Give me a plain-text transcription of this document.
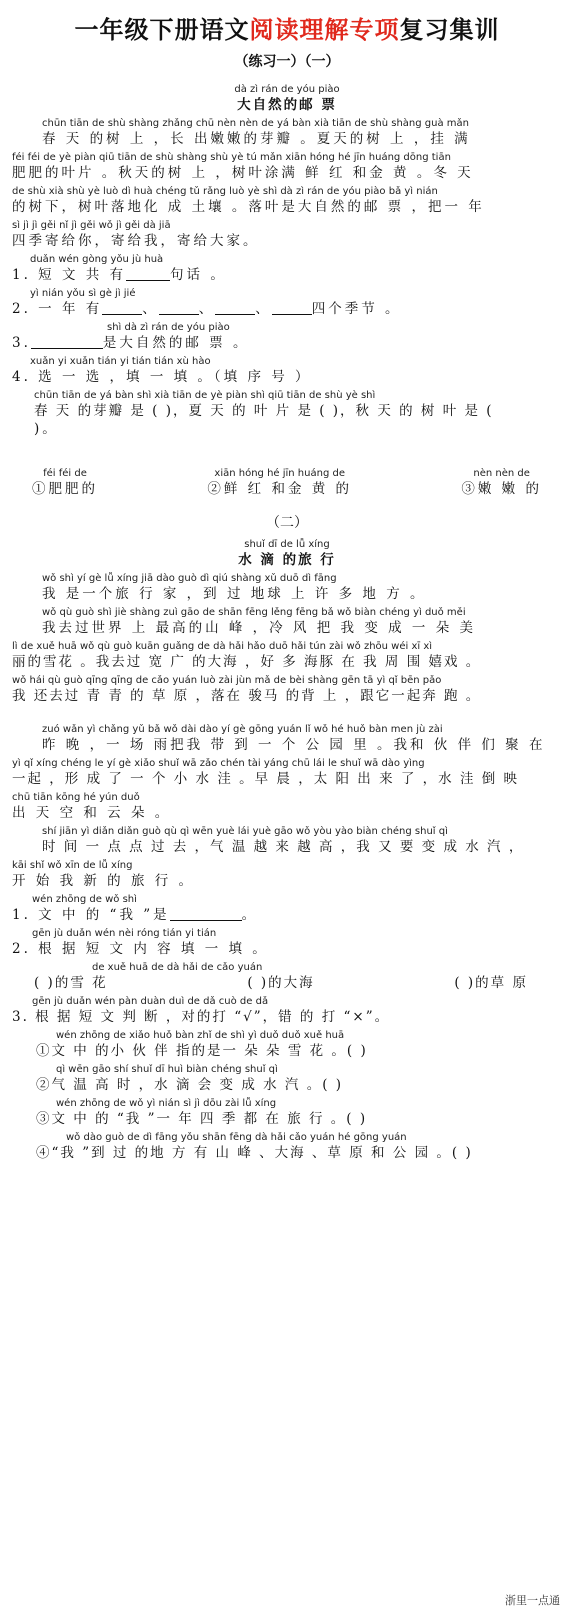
一年级下册语文阅读理解专项复习集训
（练习一）（一）
dà zì rán de yóu piào
大自然的邮 票
chūn tiān de shù shàng zhǎng chū nèn nèn de yá bàn xià tiān de shù shàng guà mǎn
春 天 的树 上 ，长 出嫩嫩的芽瓣 。夏天的树 上 ，挂 满
féi féi de yè piàn qiū tiān de shù shàng shù yè tú mǎn xiān hóng hé jīn huáng dōng tiān
肥肥的叶片 。秋天的树 上 ，树叶涂满 鲜 红 和金 黄 。冬 天
de shù xià shù yè luò dì huà chéng tǔ rǎng luò yè shì dà zì rán de yóu piào bǎ yì nián
的树下，树叶落地化 成 土壤 。落叶是大自然的邮 票 ，把一 年
sì jì jì gěi nǐ jì gěi wǒ jì gěi dà jiā
四季寄给你，寄给我，寄给大家。
duǎn wén gòng yǒu jù huà
1. 短 文 共 有	句话 。
yì nián yǒu sì gè jì jié
2. 一 年 有	、	、	、	四个季节 。
shì dà zì rán de yóu piào
3.	是大自然的邮 票 。
xuǎn yi xuǎn tián yi tián tián xù hào
4. 选 一 选 ，填 一 填 。（填 序 号 ）
chūn tiān de yá bàn shì xià tiān de yè piàn shì qiū tiān de shù yè shì
春 天 的芽瓣 是 ( )，夏 天 的 叶 片 是 ( )，秋 天 的 树 叶 是 (
)。
féi féi de
①肥肥的
xiān hóng hé jīn huáng de
②鲜 红 和金 黄 的
nèn nèn de
③嫩 嫩 的
（二）
shuǐ dī de lǚ xíng
水 滴 的旅 行
wǒ shì yí gè lǚ xíng jiā dào guò dì qiú shàng xǔ duō dì fāng
我 是一个旅 行 家 ，到 过 地球 上 许 多 地 方 。
wǒ qù guò shì jiè shàng zuì gāo de shān fēng lěng fēng bǎ wǒ biàn chéng yì duǒ měi
我去过世界 上 最高的山 峰 ，冷 风 把 我 变 成 一 朵 美
lì de xuě huā wǒ qù guò kuān guǎng de dà hǎi hǎo duō hǎi tún zài wǒ zhōu wéi xī xì
丽的雪花 。我去过 宽 广 的大海 ，好 多 海豚 在 我 周 围 嬉戏 。
wǒ hái qù guò qīng qīng de cǎo yuán luò zài jùn mǎ de bèi shàng gēn tā yì qǐ bēn pǎo
我 还去过 青 青 的 草 原 ，落在 骏马 的背 上 ，跟它一起奔 跑 。
zuó wǎn yì chǎng yǔ bǎ wǒ dài dào yí gè gōng yuán lǐ wǒ hé huǒ bàn men jù zài
昨 晚 ，一 场 雨把我 带 到 一 个 公 园 里 。我和 伙 伴 们 聚 在
yì qǐ xíng chéng le yí gè xiǎo shuǐ wā zǎo chén tài yáng chū lái le shuǐ wā dào yìng
一起 ，形 成 了 一 个 小 水 洼 。早 晨 ，太 阳 出 来 了 ，水 洼 倒 映
chū tiān kōng hé yún duǒ
出 天 空 和 云 朵 。
shí jiān yì diǎn diǎn guò qù qì wēn yuè lái yuè gāo wǒ yòu yào biàn chéng shuǐ qì
时 间 一 点 点 过 去 ，气 温 越 来 越 高 ，我 又 要 变 成 水 汽 ，
kāi shǐ wǒ xīn de lǚ xíng
开 始 我 新 的 旅 行 。
wén zhōng de wǒ shì
1. 文 中 的 “我 ”是	。
gēn jù duǎn wén nèi róng tián yi tián
2. 根 据 短 文 内 容 填 一 填 。
de xuě huā de dà hǎi de cǎo yuán
( )的雪 花	( )的大海	( )的草 原
gēn jù duǎn wén pàn duàn duì de dǎ cuò de dǎ
3. 根 据 短 文 判 断 ，对的打 “√”，错 的 打 “×”。
wén zhōng de xiǎo huǒ bàn zhǐ de shì yì duǒ duǒ xuě huā
①文 中 的小 伙 伴 指的是一 朵 朵 雪 花 。( )
qì wēn gāo shí shuǐ dī huì biàn chéng shuǐ qì
②气 温 高 时 ，水 滴 会 变 成 水 汽 。( )
wén zhōng de wǒ yì nián sì jì dōu zài lǚ xíng
③文 中 的 “我 ”一 年 四 季 都 在 旅 行 。( )
wǒ dào guò de dì fāng yǒu shān fēng dà hǎi cǎo yuán hé gōng yuán
④“我 ”到 过 的地 方 有 山 峰 、大海 、草 原 和 公 园 。( )
浙里一点通
